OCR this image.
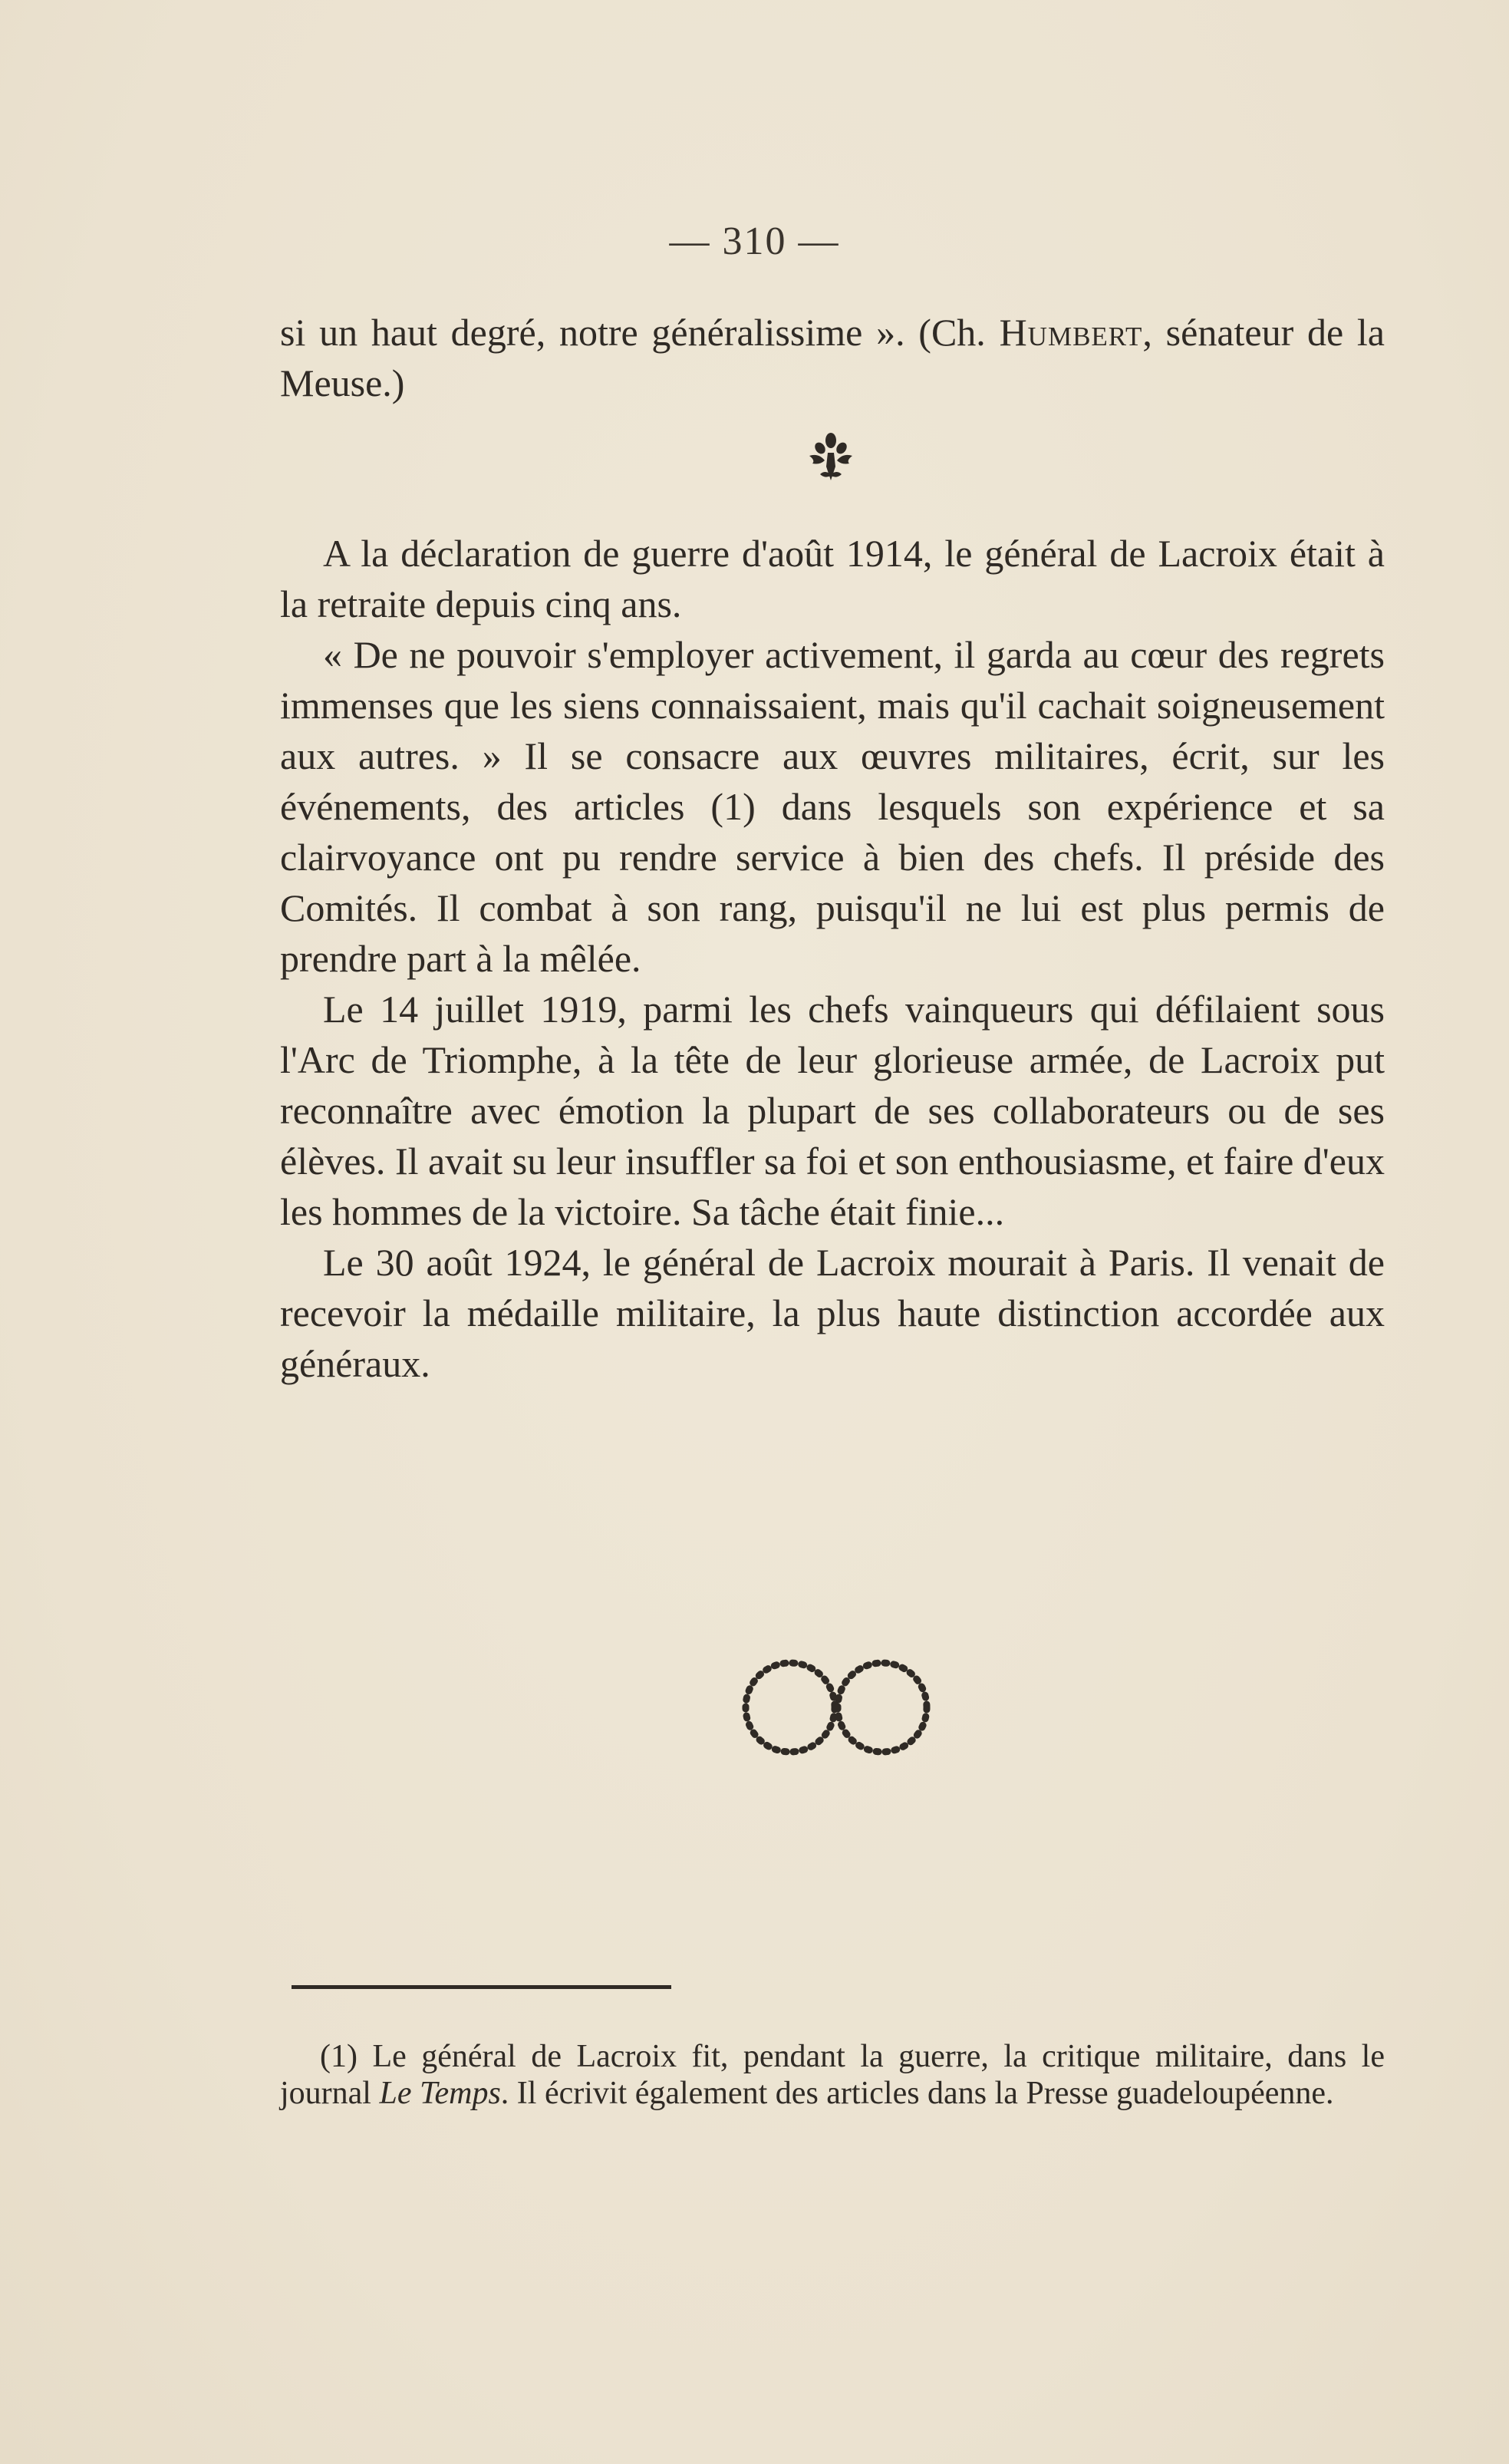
— 310 —

si un haut degré, notre généralissime ». (Ch. Humbert, sénateur de la Meuse.)

A la déclaration de guerre d'août 1914, le général de Lacroix était à la retraite depuis cinq ans.

« De ne pouvoir s'employer activement, il garda au cœur des regrets immenses que les siens connaissaient, mais qu'il cachait soigneusement aux autres. » Il se consacre aux œuvres militaires, écrit, sur les événements, des articles (1) dans lesquels son expérience et sa clairvoyance ont pu rendre service à bien des chefs. Il préside des Comités. Il combat à son rang, puisqu'il ne lui est plus permis de prendre part à la mêlée.

Le 14 juillet 1919, parmi les chefs vainqueurs qui défilaient sous l'Arc de Triomphe, à la tête de leur glorieuse armée, de Lacroix put reconnaître avec émotion la plupart de ses collaborateurs ou de ses élèves. Il avait su leur insuffler sa foi et son enthousiasme, et faire d'eux les hommes de la victoire. Sa tâche était finie...

Le 30 août 1924, le général de Lacroix mourait à Paris. Il venait de recevoir la médaille militaire, la plus haute distinction accordée aux généraux.

(1) Le général de Lacroix fit, pendant la guerre, la critique militaire, dans le journal Le Temps. Il écrivit également des articles dans la Presse guadeloupéenne.
